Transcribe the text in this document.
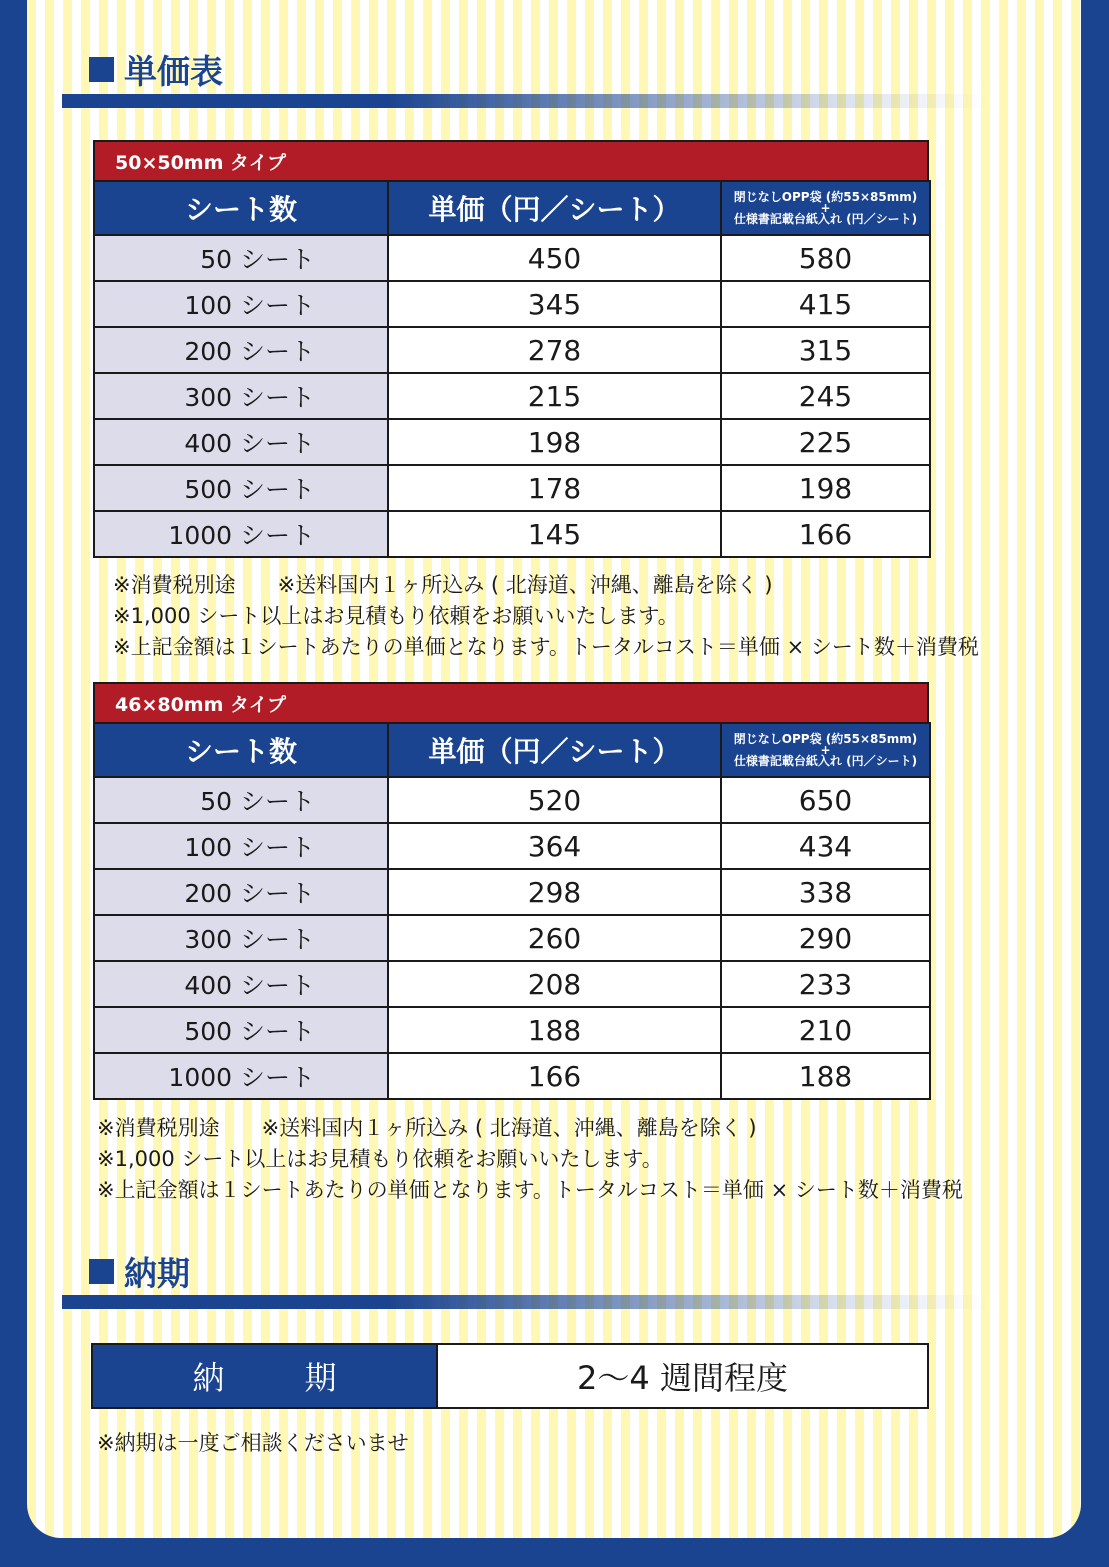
単価表
50×50mm タイプ
シート数	単価（円／シート）	閉じなしOPP袋 (約55×85mm)
+
仕様書記載台紙入れ (円／シート)

50 シート	450	580
100 シート	345	415
200 シート	278	315
300 シート	215	245
400 シート	198	225
500 シート	178	198
1000 シート	145	166
※消費税別途　　※送料国内１ヶ所込み ( 北海道、沖縄、離島を除く )
※1,000 シート以上はお見積もり依頼をお願いいたします。
※上記金額は１シートあたりの単価となります。トータルコスト＝単価 × シート数＋消費税
46×80mm タイプ
シート数	単価（円／シート）	閉じなしOPP袋 (約55×85mm)
+
仕様書記載台紙入れ (円／シート)

50 シート	520	650
100 シート	364	434
200 シート	298	338
300 シート	260	290
400 シート	208	233
500 シート	188	210
1000 シート	166	188
※消費税別途　　※送料国内１ヶ所込み ( 北海道、沖縄、離島を除く )
※1,000 シート以上はお見積もり依頼をお願いいたします。
※上記金額は１シートあたりの単価となります。トータルコスト＝単価 × シート数＋消費税
納期
納　期	2～4 週間程度
※納期は一度ご相談くださいませ
